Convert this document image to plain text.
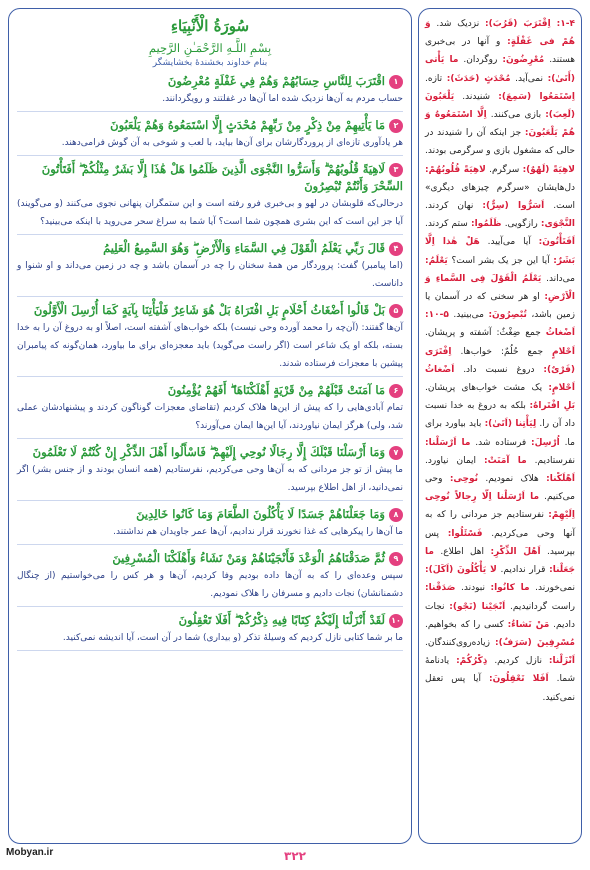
سُورَةُ الْأَنْبِيَاءِ
بِسْمِ اللَّـهِ الرَّحْمَـٰنِ الرَّحِيمِ
بنام خداوند بخشندۀ بخشایشگر
۱اقْتَرَبَ لِلنَّاسِ حِسَابُهُمْ وَهُمْ فِي غَفْلَةٍ مُعْرِضُونَ
حساب مردم به آن‌ها نزدیک شده اما آن‌ها در غفلتند و رویگردانند.
۲مَا يَأْتِيهِمْ مِنْ ذِكْرٍ مِنْ رَبِّهِمْ مُحْدَثٍ إِلَّا اسْتَمَعُوهُ وَهُمْ يَلْعَبُونَ
هر یادآوری تازه‌ای از پروردگارشان برای آن‌ها بیاید، با لعب و شوخی به آن گوش فرامی‌دهند.
۳لَاهِيَةً قُلُوبُهُمْ ۗ وَأَسَرُّوا النَّجْوَى الَّذِينَ ظَلَمُوا هَلْ هَٰذَا إِلَّا بَشَرٌ مِثْلُكُمْ ۖ أَفَتَأْتُونَ السِّحْرَ وَأَنْتُمْ تُبْصِرُونَ
درحالی‌که قلوبشان در لهو و بی‌خبری فرو رفته است و این ستمگران پنهانی نجوی می‌کنند (و می‌گویند) آیا جز این است که این بشری همچون شما است؟ آیا شما به سراغ سحر می‌روید با اینکه می‌بینید؟
۴قَالَ رَبِّي يَعْلَمُ الْقَوْلَ فِي السَّمَاءِ وَالْأَرْضِ ۖ وَهُوَ السَّمِيعُ الْعَلِيمُ
(اما پیامبر) گفت: پروردگار من همهٔ سخنان را چه در آسمان باشد و چه در زمین می‌داند و او شنوا و داناست.
۵بَلْ قَالُوا أَضْغَاثُ أَحْلَامٍ بَلِ افْتَرَاهُ بَلْ هُوَ شَاعِرٌ فَلْيَأْتِنَا بِآيَةٍ كَمَا أُرْسِلَ الْأَوَّلُونَ
آن‌ها گفتند: (آن‌چه را محمد آورده وحی نیست) بلکه خواب‌های آشفته است، اصلاً او به دروغ آن را به خدا بسته، بلکه او یک شاعر است (اگر راست می‌گوید) باید معجزه‌ای برای ما بیاورد، همان‌گونه که پیامبران پیشین با معجزات فرستاده شدند.
۶مَا آمَنَتْ قَبْلَهُمْ مِنْ قَرْيَةٍ أَهْلَكْنَاهَا ۖ أَفَهُمْ يُؤْمِنُونَ
تمام آبادی‌هایی را که پیش از این‌ها هلاک کردیم (تقاضای معجزات گوناگون کردند و پیشنهادشان عملی شد، ولی) هرگز ایمان نیاوردند، آیا این‌ها ایمان می‌آورند؟
۷وَمَا أَرْسَلْنَا قَبْلَكَ إِلَّا رِجَالًا نُوحِي إِلَيْهِمْ ۖ فَاسْأَلُوا أَهْلَ الذِّكْرِ إِنْ كُنْتُمْ لَا تَعْلَمُونَ
ما پیش از تو جز مردانی که به آن‌ها وحی می‌کردیم، نفرستادیم (همه انسان بودند و از جنس بشر) اگر نمی‌دانید، از اهل اطلاع بپرسید.
۸وَمَا جَعَلْنَاهُمْ جَسَدًا لَا يَأْكُلُونَ الطَّعَامَ وَمَا كَانُوا خَالِدِينَ
ما آن‌ها را پیکرهایی که غذا نخورند قرار ندادیم، آن‌ها عمر جاویدان هم نداشتند.
۹ثُمَّ صَدَقْنَاهُمُ الْوَعْدَ فَأَنْجَيْنَاهُمْ وَمَنْ نَشَاءُ وَأَهْلَكْنَا الْمُسْرِفِينَ
سپس وعده‌ای را که به آن‌ها داده بودیم وفا کردیم، آن‌ها و هر کس را می‌خواستیم (از چنگال دشمنانشان) نجات دادیم و مسرفان را هلاک نمودیم.
۱۰لَقَدْ أَنْزَلْنَا إِلَيْكُمْ كِتَابًا فِيهِ ذِكْرُكُمْ ۖ أَفَلَا تَعْقِلُونَ
ما بر شما کتابی نازل کردیم که وسیلهٔ تذکر (و بیداری) شما در آن است، آیا اندیشه نمی‌کنید.
۱-۴: اِقْتَرَبَ (قَرُبَ): نزدیک شد. وَ هُمْ فی غَفْلَةٍ: و آنها در بی‌خبری هستند. مُعْرِضُونَ: روگردان. ما یَأْتی (أَتَیٰ): نمی‌آید. مُحْدَثٍ (حَدَثَ): تازه. اِسْتَمَعُوا (سَمِعَ): شنیدند. یَلْعَبُونَ (لَعِبَ): بازی می‌کنند. اِلَّا اسْتَمَعُوهُ وَ هُمْ یَلْعَبُونَ: جز اینکه آن را شنیدند در حالی که مشغول بازی و سرگرمی بودند. لاهِیَةً (لَهْوٌ): سرگرم. لاهِیَةً قُلُوبُهُمْ: دل‌هایشان «سرگرم چیزهای دیگری» است. اَسَرُّوا (سِرٌّ): نهان کردند. النَّجْوَی: رازگویی. ظَلَمُوا: ستم کردند. اَفَتَأْتُونَ: آیا می‌آیید. هَلْ هٰذا اِلَّا بَشَرٌ: آیا این جز یک بشر است؟ یَعْلَمُ: می‌داند. یَعْلَمُ الْقَوْلَ فِی السَّماءِ وَ الْاَرْضِ: او هر سخنی که در آسمان یا زمین باشد، تُبْصِرُونَ: می‌بینید. ۵-۱۰: اَضْغاثُ جمع ضِغْثٌ: آشفته و پریشان. اَحْلامٍ جمع حُلُمٌ: خواب‌ها. اِفْتَرَی (فَرْیٌ): دروغ نسبت داد. اَضْغاثُ اَحْلامٍ: یک مشت خواب‌های پریشان. بَلِ افْتَراهُ: بلکه به دروغ به خدا نسبت داد آن را. لِیَأْتِنا (اَتَیٰ): باید بیاورد برای ما. اُرْسِلَ: فرستاده شد. ما اَرْسَلْنا: نفرستادیم. ما آمَنَتْ: ایمان نیاورد. اَهْلَكْنا: هلاک نمودیم. نُوحِی: وحی می‌کنیم. ما اَرْسَلْنا اِلّا رِجالاً نُوحِی اِلَیْهِمْ: نفرستادیم جز مردانی را که به آنها وحی می‌کردیم. فَسْئَلُوا: پس بپرسید. اَهْلَ الذِّكْرِ: اهل اطلاع. ما جَعَلْنا: قرار ندادیم. لا یَأْكُلُونَ (اَكَلَ): نمی‌خورند. ما كانُوا: نبودند. صَدَقْنا: راست گردانیدیم. اَنْجَیْنا (نَجْو): نجات دادیم. مَنْ نَشاءُ: کسی را که بخواهیم. مُسْرِفِینَ (سَرَفٌ): زیاده‌روی‌کنندگان. اَنْزَلْنا: نازل کردیم. ذِكْرُكُمْ: یادنامهٔ شما. اَفَلا تَعْقِلُونَ: آیا پس تعقل نمی‌کنید.
Mobyan.ir	۳۲۲
